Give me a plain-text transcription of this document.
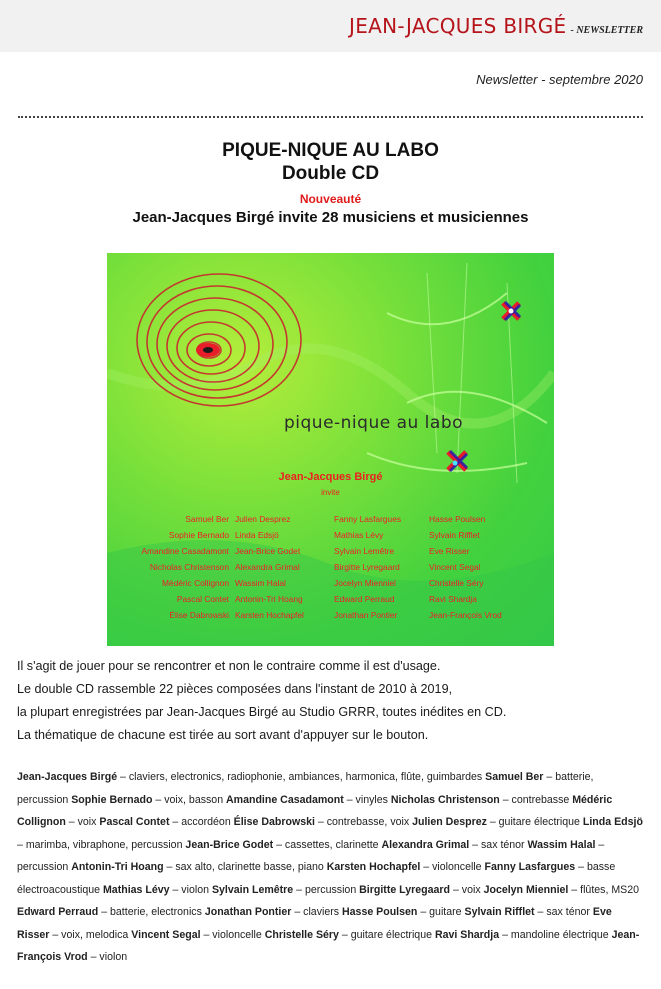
JEAN-JACQUES BIRGÉ - NEWSLETTER
Newsletter - septembre 2020
PIQUE-NIQUE AU LABO
Double CD
Nouveauté
Jean-Jacques Birgé invite 28 musiciens et musiciennes
pique-nique au labo
Jean-Jacques Birgé
invite
Samuel Ber
Sophie Bernado
Amandine Casadamont
Nicholas Christenson
Médéric Collignon
Pascal Contet
Élise Dabrowski
Julien Desprez
Linda Edsjö
Jean-Brice Godet
Alexandra Grimal
Wassim Halal
Antonin-Tri Hoang
Karsten Hochapfel
Fanny Lasfargues
Mathias Lévy
Sylvain Lemêtre
Birgitte Lyregaard
Jocelyn Mienniel
Edward Perraud
Jonathan Pontier
Hasse Poulsen
Sylvain Rifflet
Eve Risser
Vincent Segal
Christelle Séry
Ravi Shardja
Jean-François Vrod
Il s'agit de jouer pour se rencontrer et non le contraire comme il est d'usage.
Le double CD rassemble 22 pièces composées dans l'instant de 2010 à 2019,
la plupart enregistrées par Jean-Jacques Birgé au Studio GRRR, toutes inédites en CD.
La thématique de chacune est tirée au sort avant d'appuyer sur le bouton.
Jean-Jacques Birgé – claviers, electronics, radiophonie, ambiances, harmonica, flûte, guimbardes Samuel Ber – batterie, percussion Sophie Bernado – voix, basson Amandine Casadamont – vinyles Nicholas Christenson – contrebasse Médéric Collignon – voix Pascal Contet – accordéon Élise Dabrowski – contrebasse, voix Julien Desprez – guitare électrique Linda Edsjö – marimba, vibraphone, percussion Jean-Brice Godet – cassettes, clarinette Alexandra Grimal – sax ténor Wassim Halal – percussion Antonin-Tri Hoang – sax alto, clarinette basse, piano Karsten Hochapfel – violoncelle Fanny Lasfargues – basse électroacoustique Mathias Lévy – violon Sylvain Lemêtre – percussion Birgitte Lyregaard – voix Jocelyn Mienniel – flûtes, MS20 Edward Perraud – batterie, electronics Jonathan Pontier – claviers Hasse Poulsen – guitare Sylvain Rifflet – sax ténor Eve Risser – voix, melodica Vincent Segal – violoncelle Christelle Séry – guitare électrique Ravi Shardja – mandoline électrique Jean-François Vrod – violon
